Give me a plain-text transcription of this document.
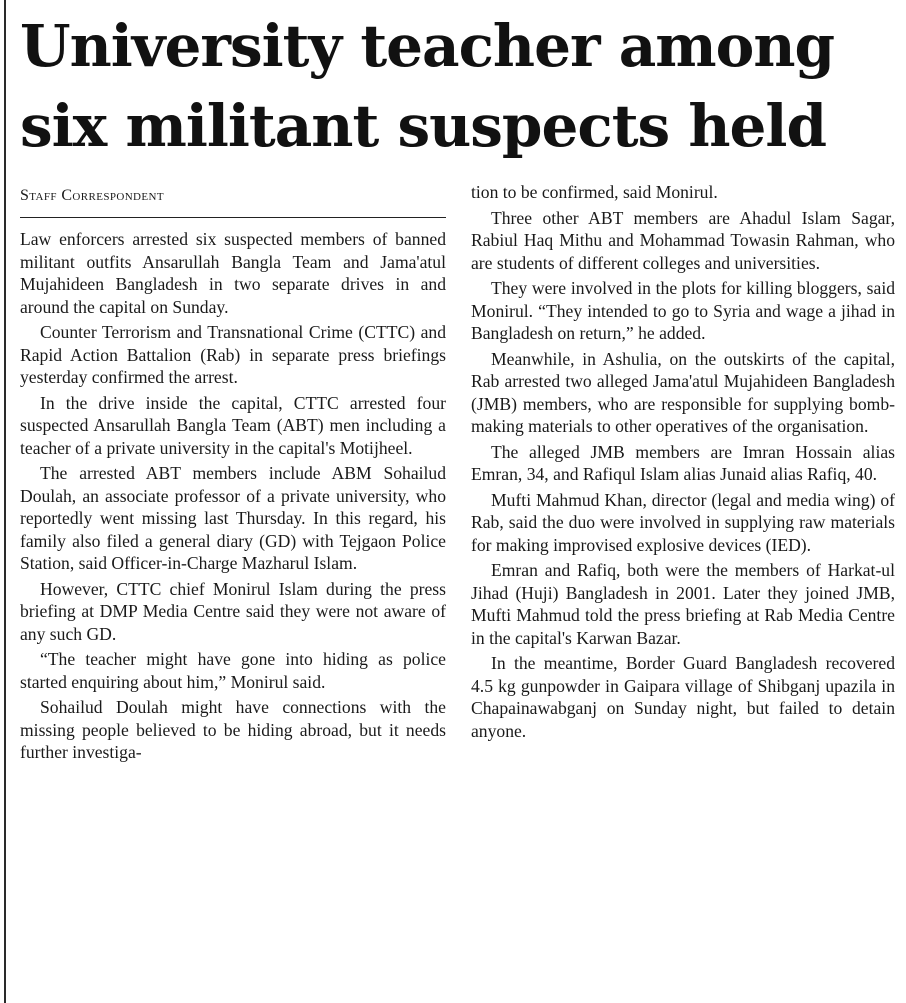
University teacher among
six militant suspects held
Staff Correspondent

Law enforcers arrested six suspected members of banned militant outfits Ansarullah Bangla Team and Jama'atul Mujahideen Bangladesh in two separate drives in and around the capital on Sunday.

Counter Terrorism and Transnational Crime (CTTC) and Rapid Action Battalion (Rab) in separate press briefings yesterday confirmed the arrest.

In the drive inside the capital, CTTC arrested four suspected Ansarullah Bangla Team (ABT) men including a teacher of a private university in the capital's Motijheel.

The arrested ABT members include ABM Sohailud Doulah, an associate professor of a private university, who reportedly went missing last Thursday. In this regard, his family also filed a general diary (GD) with Tejgaon Police Station, said Officer-in-Charge Mazharul Islam.

However, CTTC chief Monirul Islam during the press briefing at DMP Media Centre said they were not aware of any such GD.

“The teacher might have gone into hiding as police started enquiring about him,” Monirul said.

Sohailud Doulah might have connections with the missing people believed to be hiding abroad, but it needs further investiga-

tion to be confirmed, said Monirul.

Three other ABT members are Ahadul Islam Sagar, Rabiul Haq Mithu and Mohammad Towasin Rahman, who are students of different colleges and universities.

They were involved in the plots for killing bloggers, said Monirul. “They intended to go to Syria and wage a jihad in Bangladesh on return,” he added.

Meanwhile, in Ashulia, on the outskirts of the capital, Rab arrested two alleged Jama'atul Mujahideen Bangladesh (JMB) members, who are responsible for supplying bomb-making materials to other operatives of the organisation.

The alleged JMB members are Imran Hossain alias Emran, 34, and Rafiqul Islam alias Junaid alias Rafiq, 40.

Mufti Mahmud Khan, director (legal and media wing) of Rab, said the duo were involved in supplying raw materials for making improvised explosive devices (IED).

Emran and Rafiq, both were the members of Harkat-ul Jihad (Huji) Bangladesh in 2001. Later they joined JMB, Mufti Mahmud told the press briefing at Rab Media Centre in the capital's Karwan Bazar.

In the meantime, Border Guard Bangladesh recovered 4.5 kg gunpowder in Gaipara village of Shibganj upazila in Chapainawabganj on Sunday night, but failed to detain anyone.
